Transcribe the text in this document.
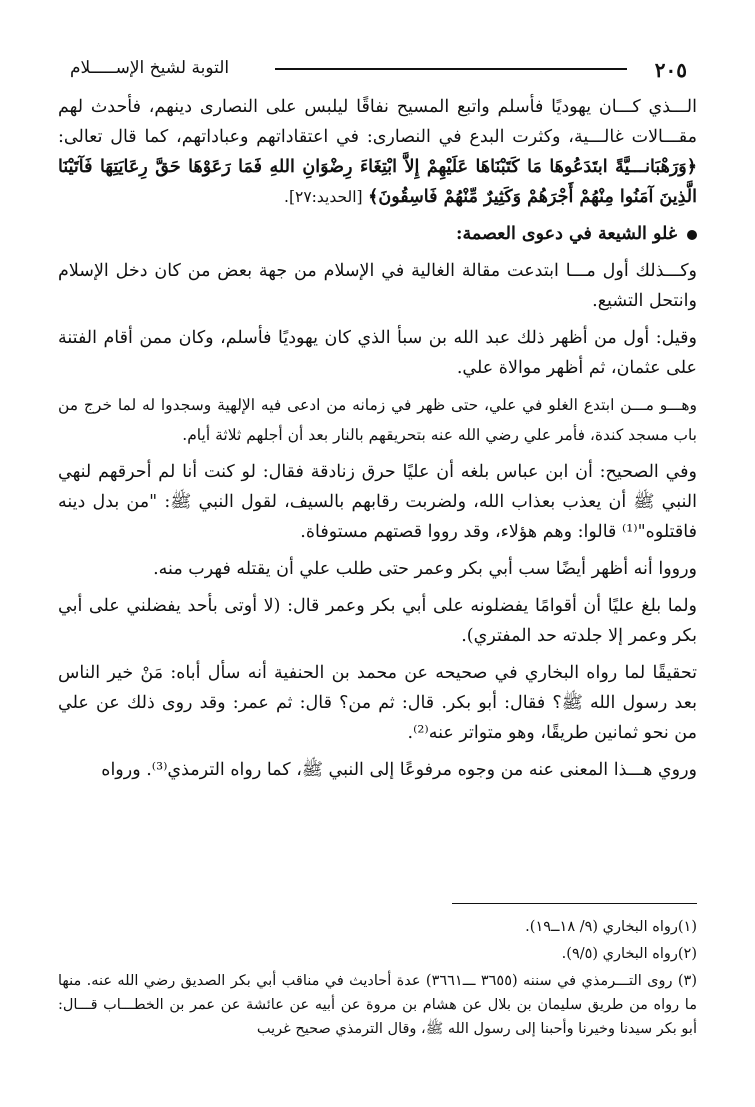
٢٠٥
التوبة لشيخ الإســـــلام

الـــذي كـــان يهوديًا فأسلم واتبع المسيح نفاقًا ليلبس على النصارى دينهم، فأحدث لهم مقـــالات غالـــية، وكثرت البدع في النصارى: في اعتقاداتهم وعباداتهم، كما قال تعالى: ﴿وَرَهْبَانـــيَّةً ابتَدَعُوهَا مَا كَتَبْنَاهَا عَلَيْهِمْ إِلاَّ ابْتِغَاءَ رِضْوَانِ اللهِ فَمَا رَعَوْهَا حَقَّ رِعَايَتِهَا فَآتَيْنَا الَّذِينَ آمَنُوا مِنْهُمْ أَجْرَهُمْ وَكَثِيرٌ مِّنْهُمْ فَاسِقُونَ﴾ [الحديد:٢٧].

غلو الشيعة في دعوى العصمة:

وكـــذلك أول مـــا ابتدعت مقالة الغالية في الإسلام من جهة بعض من كان دخل الإسلام وانتحل التشيع.

وقيل: أول من أظهر ذلك عبد الله بن سبأ الذي كان يهوديًا فأسلم، وكان ممن أقام الفتنة على عثمان، ثم أظهر موالاة علي.

وهـــو مـــن ابتدع الغلو في علي، حتى ظهر في زمانه من ادعى فيه الإلهية وسجدوا له لما خرج من باب مسجد كندة، فأمر علي رضي الله عنه بتحريقهم بالنار بعد أن أجلهم ثلاثة أيام.

وفي الصحيح: أن ابن عباس بلغه أن عليًا حرق زنادقة فقال: لو كنت أنا لم أحرقهم لنهي النبي ﷺ أن يعذب بعذاب الله، ولضربت رقابهم بالسيف، لقول النبي ﷺ: "من بدل دينه فاقتلوه"⁽¹⁾ قالوا: وهم هؤلاء، وقد رووا قصتهم مستوفاة.

ورووا أنه أظهر أيضًا سب أبي بكر وعمر حتى طلب علي أن يقتله فهرب منه.

ولما بلغ عليًا أن أقوامًا يفضلونه على أبي بكر وعمر قال: (لا أوتى بأحد يفضلني على أبي بكر وعمر إلا جلدته حد المفتري).

تحقيقًا لما رواه البخاري في صحيحه عن محمد بن الحنفية أنه سأل أباه: مَنْ خير الناس بعد رسول الله ﷺ؟ فقال: أبو بكر. قال: ثم من؟ قال: ثم عمر: وقد روى ذلك عن علي من نحو ثمانين طريقًا، وهو متواتر عنه⁽²⁾.

وروي هـــذا المعنى عنه من وجوه مرفوعًا إلى النبي ﷺ، كما رواه الترمذي⁽³⁾. ورواه

(١)رواه البخاري (٩/ ١٨ــ١٩).

(٢)رواه البخاري (٩/٥).

(٣) روى التـــرمذي في سننه (٣٦٥٥ ـــ٣٦٦١) عدة أحاديث في مناقب أبي بكر الصديق رضي الله عنه. منها ما رواه من طريق سليمان بن بلال عن هشام بن مروة عن أبيه عن عائشة عن عمر بن الخطـــاب قـــال: أبو بكر سيدنا وخيرنا وأحبنا إلى رسول الله ﷺ، وقال الترمذي صحيح غريب
